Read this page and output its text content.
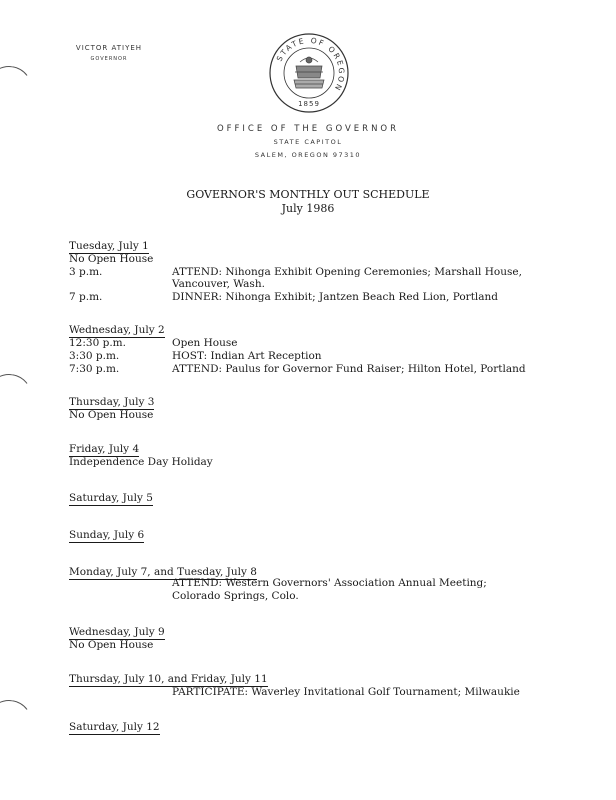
VICTOR ATIYEH
GOVERNOR	STATE OF OREGON
1859
OFFICE OF THE GOVERNOR
STATE CAPITOL
SALEM, OREGON 97310
GOVERNOR'S MONTHLY OUT SCHEDULE
July 1986
Tuesday, July 1
No Open House
3 p.m.	ATTEND: Nihonga Exhibit Opening Ceremonies; Marshall House,
Vancouver, Wash.
7 p.m.	DINNER: Nihonga Exhibit; Jantzen Beach Red Lion, Portland
Wednesday, July 2
12:30 p.m.	Open House
3:30 p.m.	HOST: Indian Art Reception
7:30 p.m.	ATTEND: Paulus for Governor Fund Raiser; Hilton Hotel, Portland
Thursday, July 3
No Open House
Friday, July 4
Independence Day Holiday
Saturday, July 5
Sunday, July 6
Monday, July 7, and Tuesday, July 8
ATTEND: Western Governors' Association Annual Meeting;
Colorado Springs, Colo.
Wednesday, July 9
No Open House
Thursday, July 10, and Friday, July 11
PARTICIPATE: Waverley Invitational Golf Tournament; Milwaukie
Saturday, July 12
